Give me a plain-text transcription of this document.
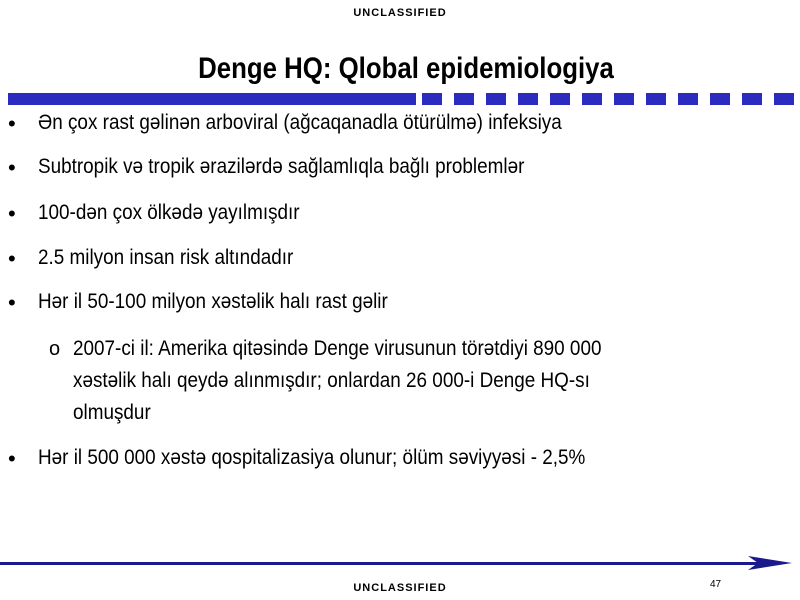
UNCLASSIFIED
Denge HQ: Qlobal epidemiologiya
• Ən çox rast gəlinən arboviral (ağcaqanadla ötürülmə) infeksiya
• Subtropik və tropik ərazilərdə sağlamlıqla bağlı problemlər
• 100-dən çox ölkədə yayılmışdır
• 2.5 milyon insan risk altındadır
• Hər il 50-100 milyon xəstəlik halı rast gəlir
o 2007-ci il: Amerika qitəsində Denge virusunun törətdiyi 890 000
xəstəlik halı qeydə alınmışdır; onlardan 26 000-i Denge HQ-sı
olmuşdur
• Hər il 500 000 xəstə qospitalizasiya olunur; ölüm səviyyəsi - 2,5%
47
UNCLASSIFIED
